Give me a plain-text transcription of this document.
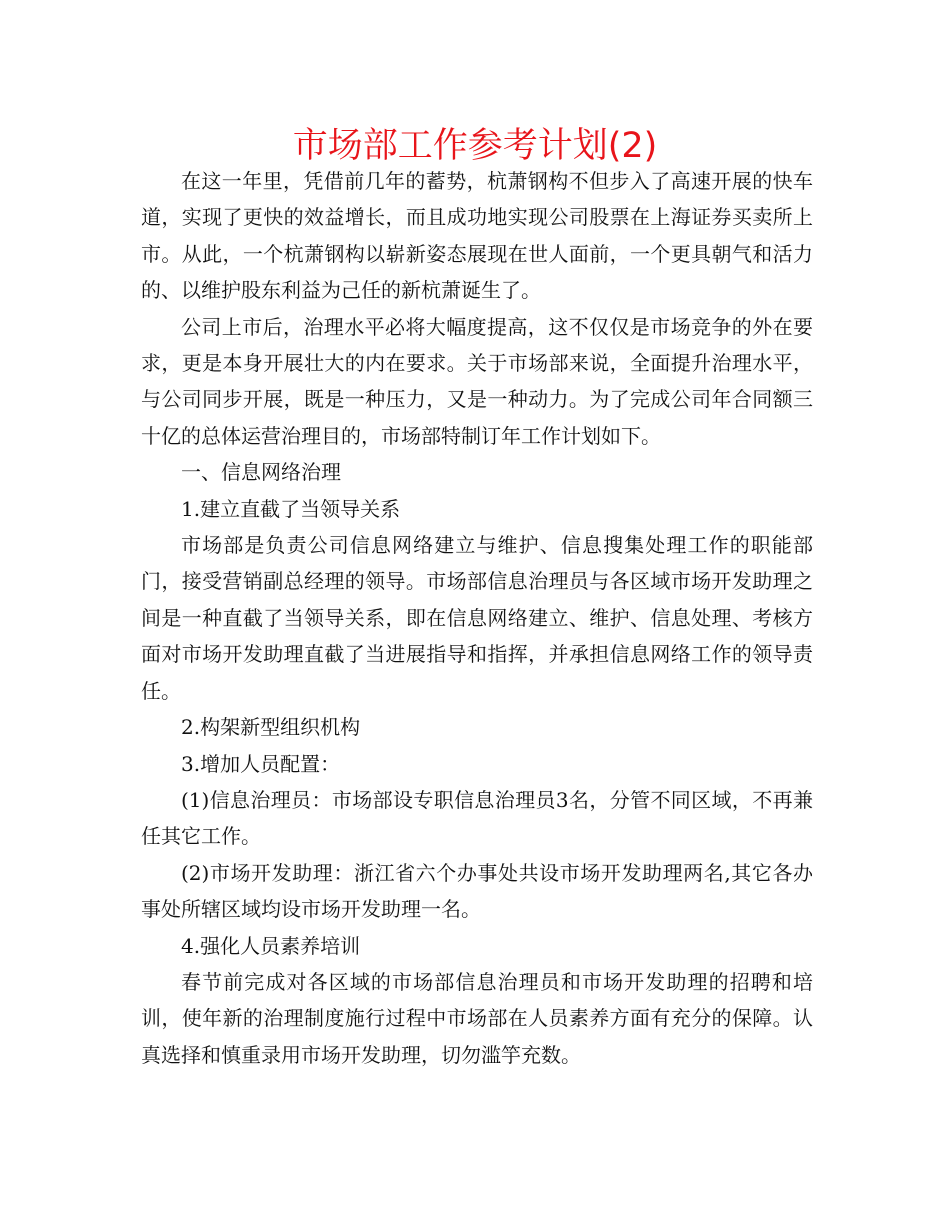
市场部工作参考计划(2)

在这一年里，凭借前几年的蓄势，杭萧钢构不但步入了高速开展的快车道，实现了更快的效益增长，而且成功地实现公司股票在上海证券买卖所上市。从此，一个杭萧钢构以崭新姿态展现在世人面前，一个更具朝气和活力的、以维护股东利益为己任的新杭萧诞生了。

公司上市后，治理水平必将大幅度提高，这不仅仅是市场竞争的外在要求，更是本身开展壮大的内在要求。关于市场部来说，全面提升治理水平，与公司同步开展，既是一种压力，又是一种动力。为了完成公司年合同额三十亿的总体运营治理目的，市场部特制订年工作计划如下。

一、信息网络治理

1.建立直截了当领导关系

市场部是负责公司信息网络建立与维护、信息搜集处理工作的职能部门，接受营销副总经理的领导。市场部信息治理员与各区域市场开发助理之间是一种直截了当领导关系，即在信息网络建立、维护、信息处理、考核方面对市场开发助理直截了当进展指导和指挥，并承担信息网络工作的领导责任。

2.构架新型组织机构

3.增加人员配置：

(1)信息治理员：市场部设专职信息治理员3名，分管不同区域，不再兼任其它工作。

(2)市场开发助理：浙江省六个办事处共设市场开发助理两名,其它各办事处所辖区域均设市场开发助理一名。

4.强化人员素养培训

春节前完成对各区域的市场部信息治理员和市场开发助理的招聘和培训，使年新的治理制度施行过程中市场部在人员素养方面有充分的保障。认真选择和慎重录用市场开发助理，切勿滥竽充数。
